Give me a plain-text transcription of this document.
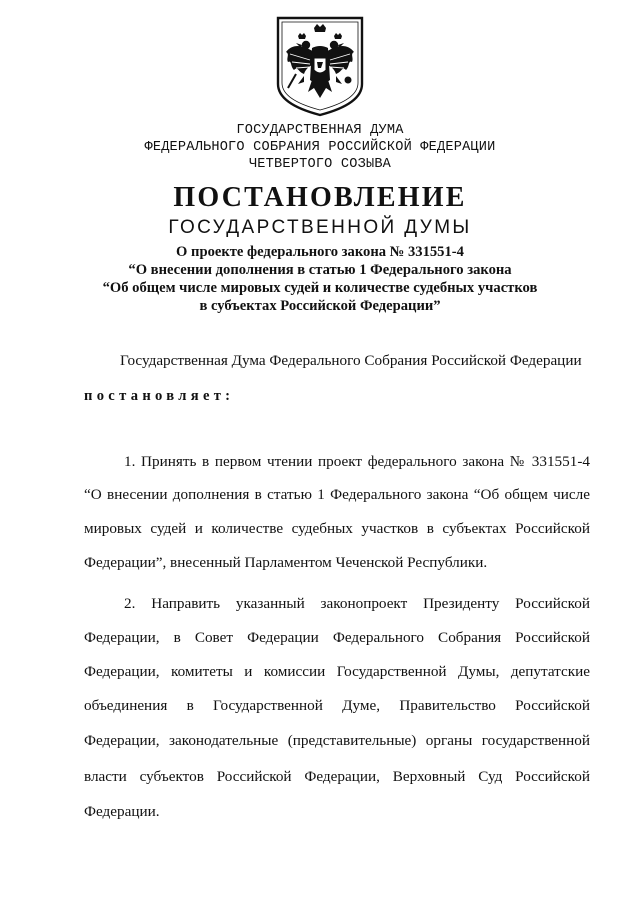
ГОСУДАРСТВЕННАЯ ДУМА
ФЕДЕРАЛЬНОГО СОБРАНИЯ РОССИЙСКОЙ ФЕДЕРАЦИИ
ЧЕТВЕРТОГО СОЗЫВА
ПОСТАНОВЛЕНИЕ
ГОСУДАРСТВЕННОЙ ДУМЫ
О проекте федерального закона № 331551-4
“О внесении дополнения в статью 1 Федерального закона
“Об общем числе мировых судей и количестве судебных участков
в субъектах Российской Федерации”
Государственная Дума Федерального Собрания Российской Федерации
постановляет:
1. Принять в первом чтении проект федерального закона № 331551-4
“О внесении дополнения в статью 1 Федерального закона “Об общем числе
мировых судей и количестве судебных участков в субъектах Российской
Федерации”, внесенный Парламентом Чеченской Республики.
2. Направить указанный законопроект Президенту Российской
Федерации, в Совет Федерации Федерального Собрания Российской
Федерации, комитеты и комиссии Государственной Думы, депутатские
объединения в Государственной Думе, Правительство Российской
Федерации, законодательные (представительные) органы государственной
власти субъектов Российской Федерации, Верховный Суд Российской
Федерации.
